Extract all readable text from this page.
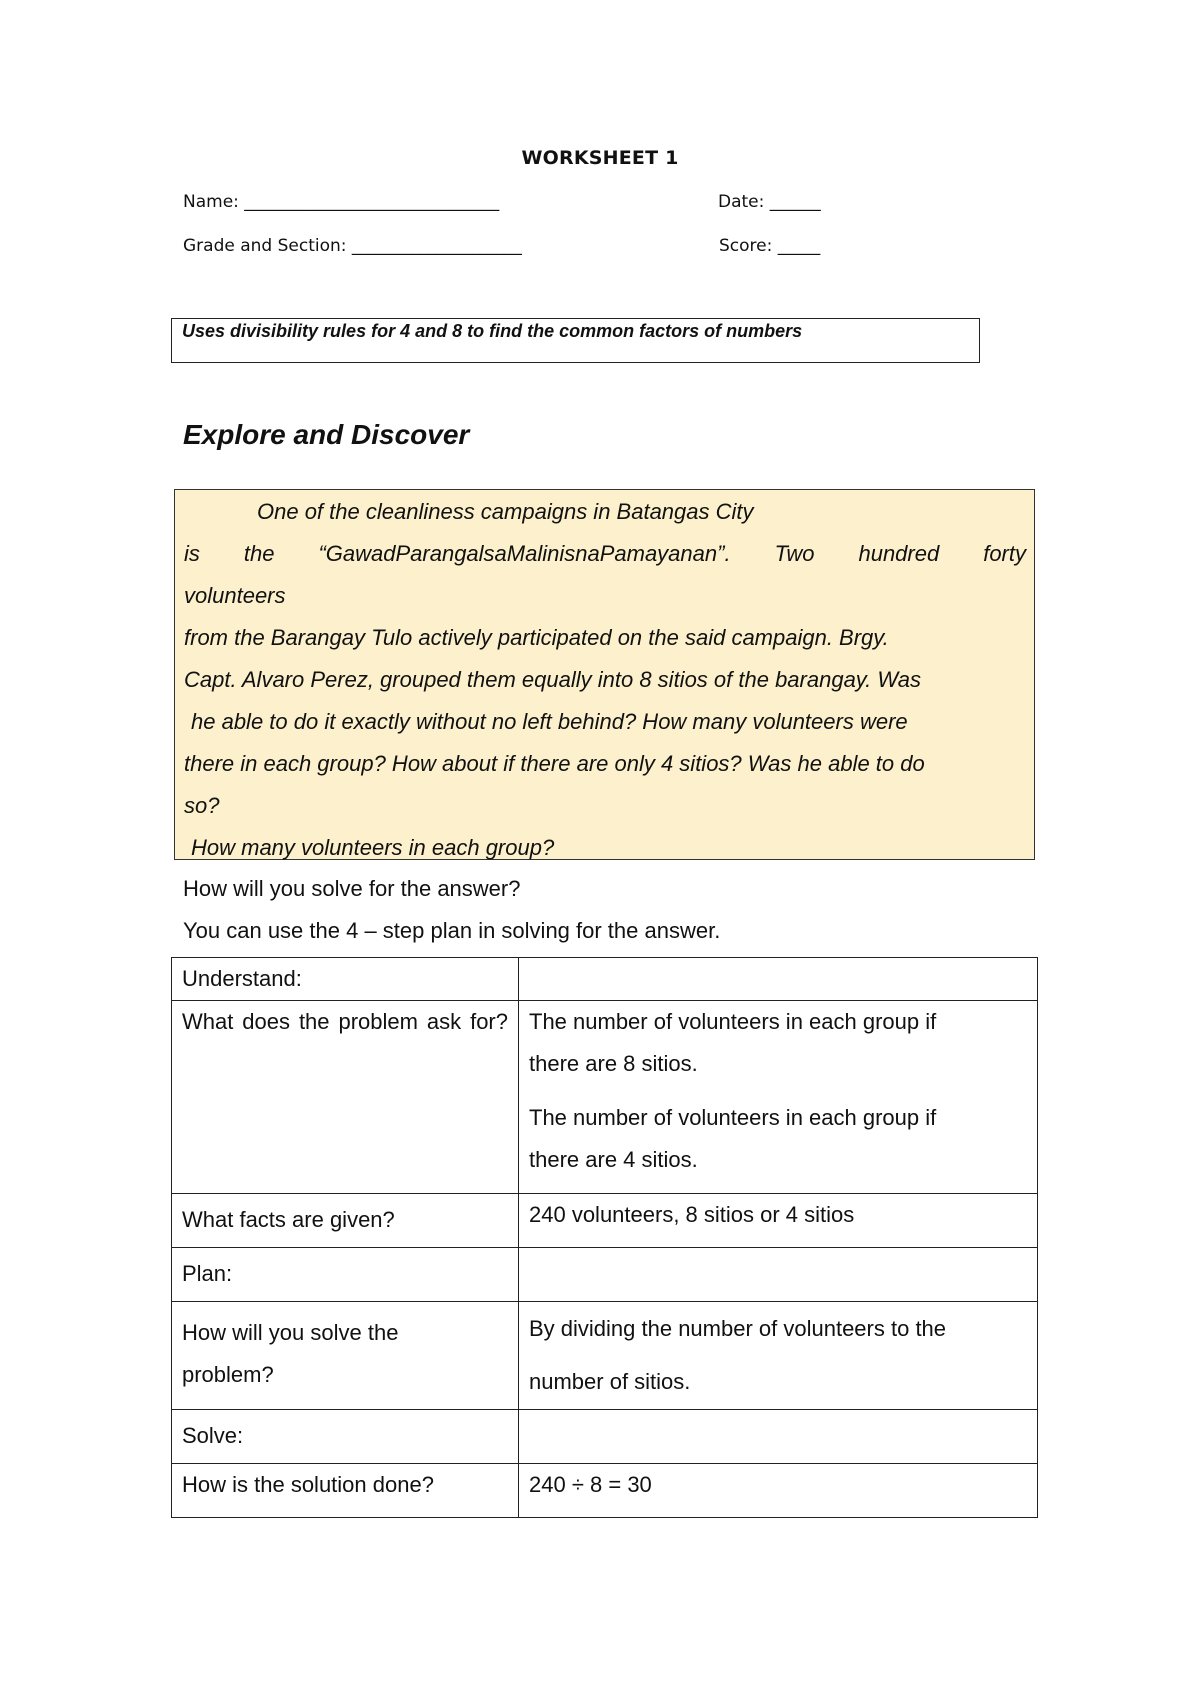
WORKSHEET 1
Name: ______________________________	Date: ______
Grade and Section: ____________________	Score: _____
Uses divisibility rules for 4 and 8 to find the common factors of numbers
Explore and Discover
One of the cleanliness campaigns in Batangas City
is the “GawadParangalsaMalinisnaPamayanan”. Two hundred forty
volunteers
from the Barangay Tulo actively participated on the said campaign. Brgy.
Capt. Alvaro Perez, grouped them equally into 8 sitios of the barangay. Was
he able to do it exactly without no left behind? How many volunteers were
there in each group? How about if there are only 4 sitios? Was he able to do
so?
How many volunteers in each group?
How will you solve for the answer?
You can use the 4 – step plan in solving for the answer.
Understand:	

What does the problem ask for?	The number of volunteers in each group if there are 8 sitios.
The number of volunteers in each group if there are 4 sitios.

What facts are given?	240 volunteers, 8 sitios or 4 sitios
Plan:	

How will you solve the problem?	By dividing the number of volunteers to the number of sitios.

Solve:	
How is the solution done?	240 ÷ 8 = 30
